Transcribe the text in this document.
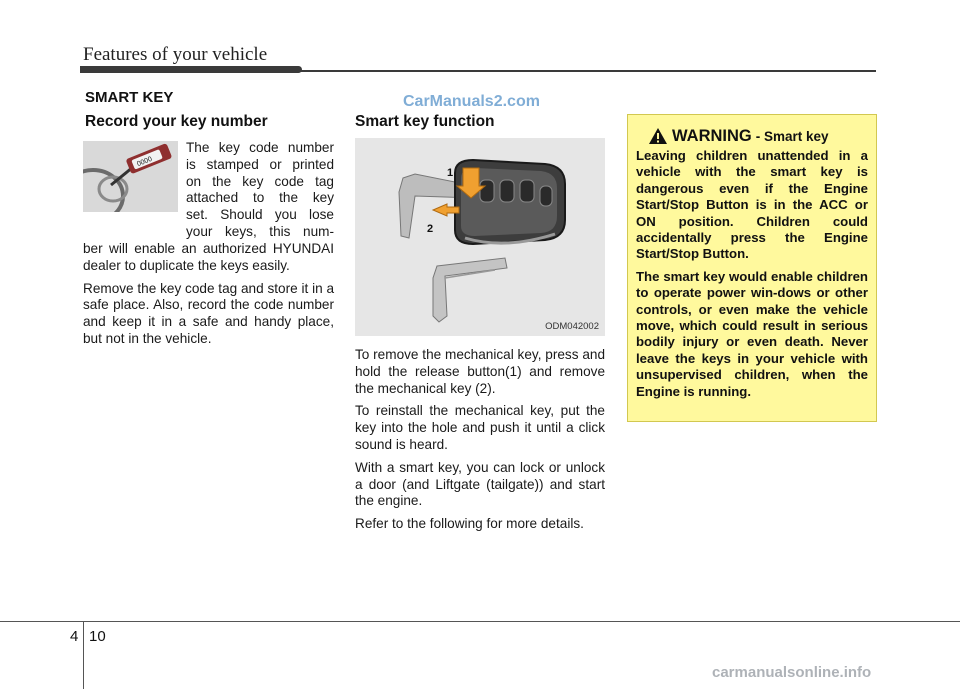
Features of your vehicle
CarManuals2.com
SMART KEY
Record your key number
0000
The key code number
is stamped or printed
on the key code tag
attached to the key
set. Should you lose
your keys, this num-

ber will enable an authorized HYUNDAI dealer to duplicate the keys easily.

Remove the key code tag and store it in a safe place. Also, record the code number and keep it in a safe and handy place, but not in the vehicle.

Smart key function
1
2
ODM042002

To remove the mechanical key, press and hold the release button(1) and remove the mechanical key (2).

To reinstall the mechanical key, put the key into the hole and push it until a click sound is heard.

With a smart key, you can lock or unlock a door (and Liftgate (tailgate)) and start the engine.

Refer to the following for more details.

WARNING - Smart key

Leaving children unattended in a vehicle with the smart key is dangerous even if the Engine Start/Stop Button is in the ACC or ON position. Children could accidentally press the Engine Start/Stop Button.

The smart key would enable children to operate power win-dows or other controls, or even make the vehicle move, which could result in serious bodily injury or even death. Never leave the keys in your vehicle with unsupervised children, when the Engine is running.

4 10
carmanualsonline.info
